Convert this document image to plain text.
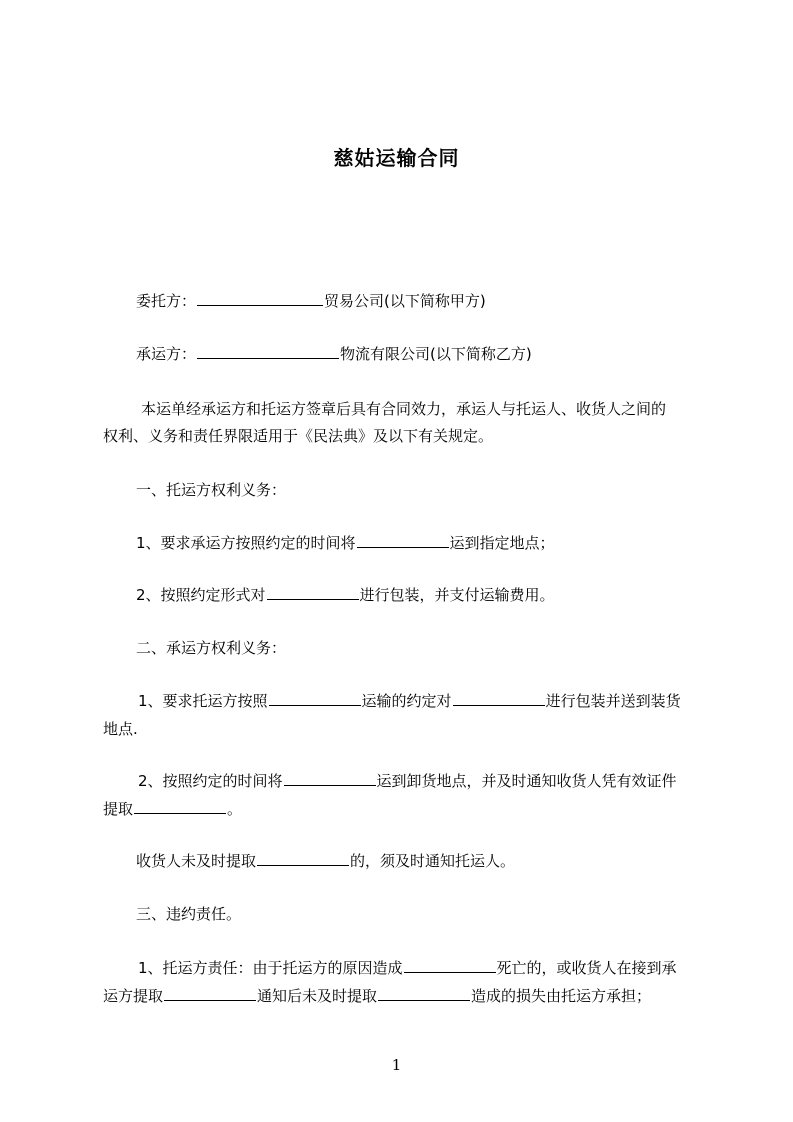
慈姑运输合同
委托方：	贸易公司(以下简称甲方)
承运方：	物流有限公司(以下简称乙方)
本运单经承运方和托运方签章后具有合同效力，承运人与托运人、收货人之间的
权利、义务和责任界限适用于《民法典》及以下有关规定。
一、托运方权利义务：
1、要求承运方按照约定的时间将	运到指定地点；
2、按照约定形式对	进行包装，并支付运输费用。
二、承运方权利义务：
1、要求托运方按照	运输的约定对	进行包装并送到装货
地点.
2、按照约定的时间将	运到卸货地点，并及时通知收货人凭有效证件
提取	。
收货人未及时提取	的，须及时通知托运人。
三、违约责任。
1、托运方责任：由于托运方的原因造成	死亡的，或收货人在接到承
运方提取	通知后未及时提取	造成的损失由托运方承担；
1
